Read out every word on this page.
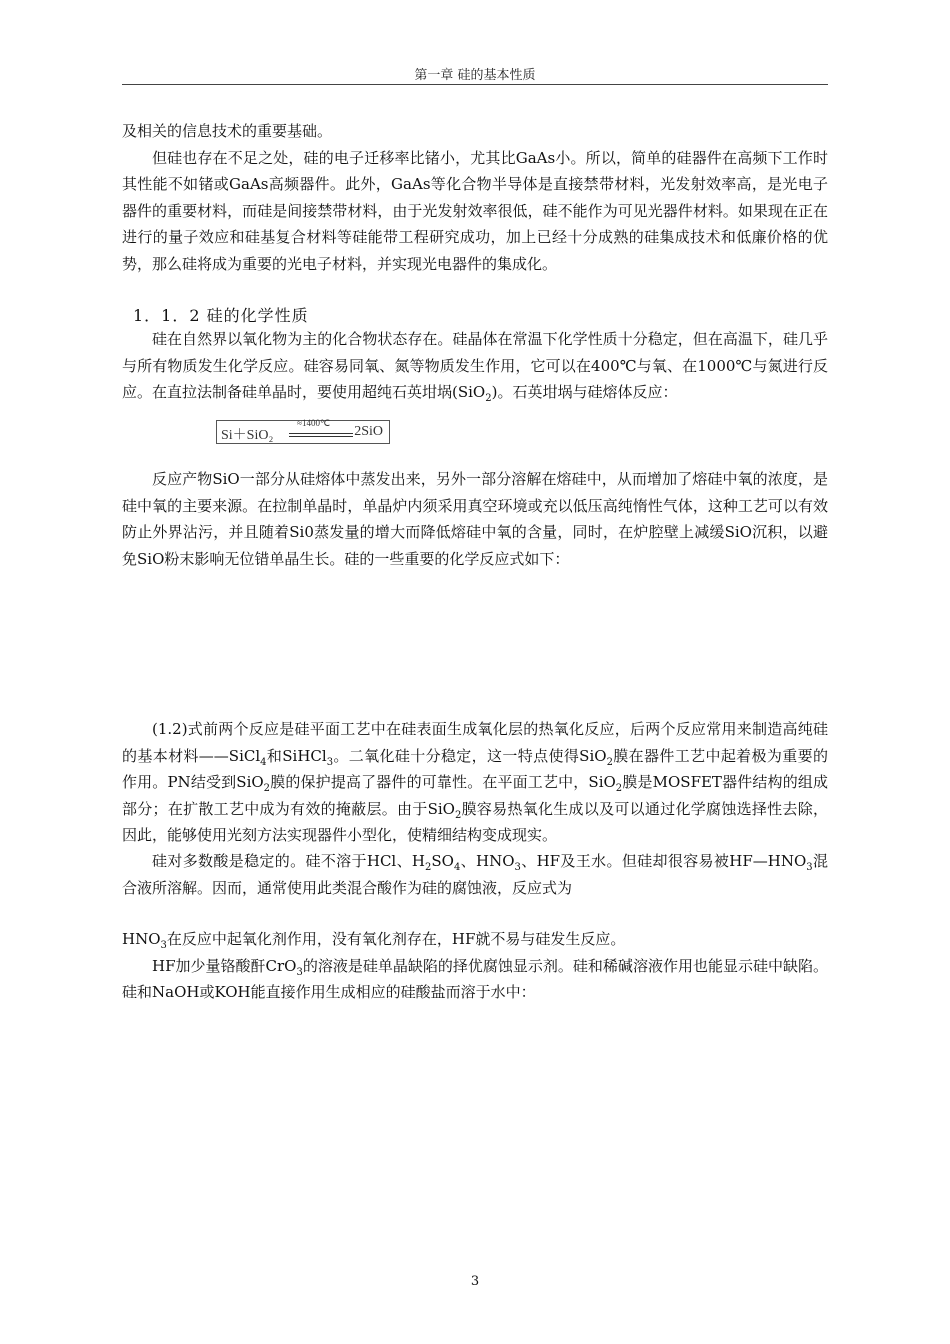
第一章 硅的基本性质

及相关的信息技术的重要基础。

但硅也存在不足之处，硅的电子迁移率比锗小，尤其比GaAs小。所以，简单的硅器件在高频下工作时其性能不如锗或GaAs高频器件。此外，GaAs等化合物半导体是直接禁带材料，光发射效率高，是光电子器件的重要材料，而硅是间接禁带材料，由于光发射效率很低，硅不能作为可见光器件材料。如果现在正在进行的量子效应和硅基复合材料等硅能带工程研究成功，加上已经十分成熟的硅集成技术和低廉价格的优势，那么硅将成为重要的光电子材料，并实现光电器件的集成化。

1．1．2 硅的化学性质

硅在自然界以氧化物为主的化合物状态存在。硅晶体在常温下化学性质十分稳定，但在高温下，硅几乎与所有物质发生化学反应。硅容易同氧、氮等物质发生作用，它可以在400℃与氧、在1000℃与氮进行反应。在直拉法制备硅单晶时，要使用超纯石英坩埚(SiO$_2$)。石英坩埚与硅熔体反应：

Si＋SiO₂
≈1400℃
2SiO

反应产物SiO一部分从硅熔体中蒸发出来，另外一部分溶解在熔硅中，从而增加了熔硅中氧的浓度，是硅中氧的主要来源。在拉制单晶时，单晶炉内须采用真空环境或充以低压高纯惰性气体，这种工艺可以有效防止外界沾污，并且随着Si0蒸发量的增大而降低熔硅中氧的含量，同时，在炉腔壁上减缓SiO沉积，以避免SiO粉末影响无位错单晶生长。硅的一些重要的化学反应式如下：

(1.2)式前两个反应是硅平面工艺中在硅表面生成氧化层的热氧化反应，后两个反应常用来制造高纯硅的基本材料——SiCl$_4$和SiHCl$_3$。二氧化硅十分稳定，这一特点使得SiO$_2$膜在器件工艺中起着极为重要的作用。PN结受到SiO$_2$膜的保护提高了器件的可靠性。在平面工艺中，SiO$_2$膜是MOSFET器件结构的组成部分；在扩散工艺中成为有效的掩蔽层。由于SiO$_2$膜容易热氧化生成以及可以通过化学腐蚀选择性去除，因此，能够使用光刻方法实现器件小型化，使精细结构变成现实。

硅对多数酸是稳定的。硅不溶于HCl、$H_2SO_4$、$HNO_3$、HF及王水。但硅却很容易被$HF—HNO_3$混合液所溶解。因而，通常使用此类混合酸作为硅的腐蚀液，反应式为

$HNO_3$在反应中起氧化剂作用，没有氧化剂存在，HF就不易与硅发生反应。

HF加少量铬酸酐CrO$_3$的溶液是硅单晶缺陷的择优腐蚀显示剂。硅和稀碱溶液作用也能显示硅中缺陷。硅和NaOH或KOH能直接作用生成相应的硅酸盐而溶于水中：

3
